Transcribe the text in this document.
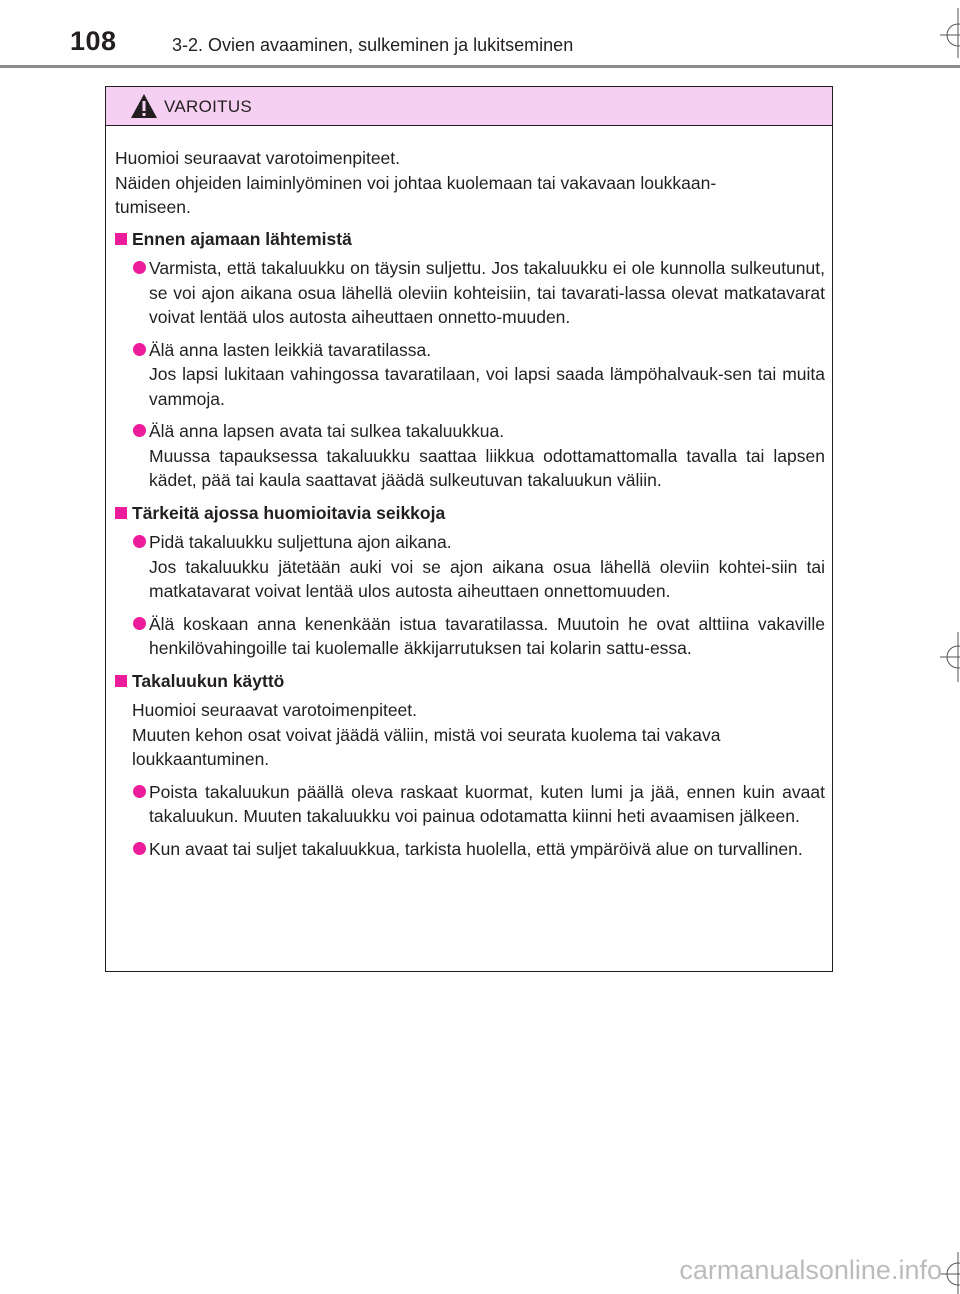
108	3-2. Ovien avaaminen, sulkeminen ja lukitseminen
VAROITUS
Huomioi seuraavat varotoimenpiteet.
Näiden ohjeiden laiminlyöminen voi johtaa kuolemaan tai vakavaan loukkaan-
tumiseen.
Ennen ajamaan lähtemistä
Varmista, että takaluukku on täysin suljettu. Jos takaluukku ei ole kunnolla sulkeutunut, se voi ajon aikana osua lähellä oleviin kohteisiin, tai tavarati-lassa olevat matkatavarat voivat lentää ulos autosta aiheuttaen onnetto-muuden.
Älä anna lasten leikkiä tavaratilassa.
Jos lapsi lukitaan vahingossa tavaratilaan, voi lapsi saada lämpöhalvauk-sen tai muita vammoja.
Älä anna lapsen avata tai sulkea takaluukkua.
Muussa tapauksessa takaluukku saattaa liikkua odottamattomalla tavalla tai lapsen kädet, pää tai kaula saattavat jäädä sulkeutuvan takaluukun väliin.
Tärkeitä ajossa huomioitavia seikkoja
Pidä takaluukku suljettuna ajon aikana.
Jos takaluukku jätetään auki voi se ajon aikana osua lähellä oleviin kohtei-siin tai matkatavarat voivat lentää ulos autosta aiheuttaen onnettomuuden.
Älä koskaan anna kenenkään istua tavaratilassa. Muutoin he ovat alttiina vakaville henkilövahingoille tai kuolemalle äkkijarrutuksen tai kolarin sattu-essa.
Takaluukun käyttö
Huomioi seuraavat varotoimenpiteet.
Muuten kehon osat voivat jäädä väliin, mistä voi seurata kuolema tai vakava
loukkaantuminen.
Poista takaluukun päällä oleva raskaat kuormat, kuten lumi ja jää, ennen kuin avaat takaluukun. Muuten takaluukku voi painua odotamatta kiinni heti avaamisen jälkeen.
Kun avaat tai suljet takaluukkua, tarkista huolella, että ympäröivä alue on turvallinen.
carmanualsonline.info
